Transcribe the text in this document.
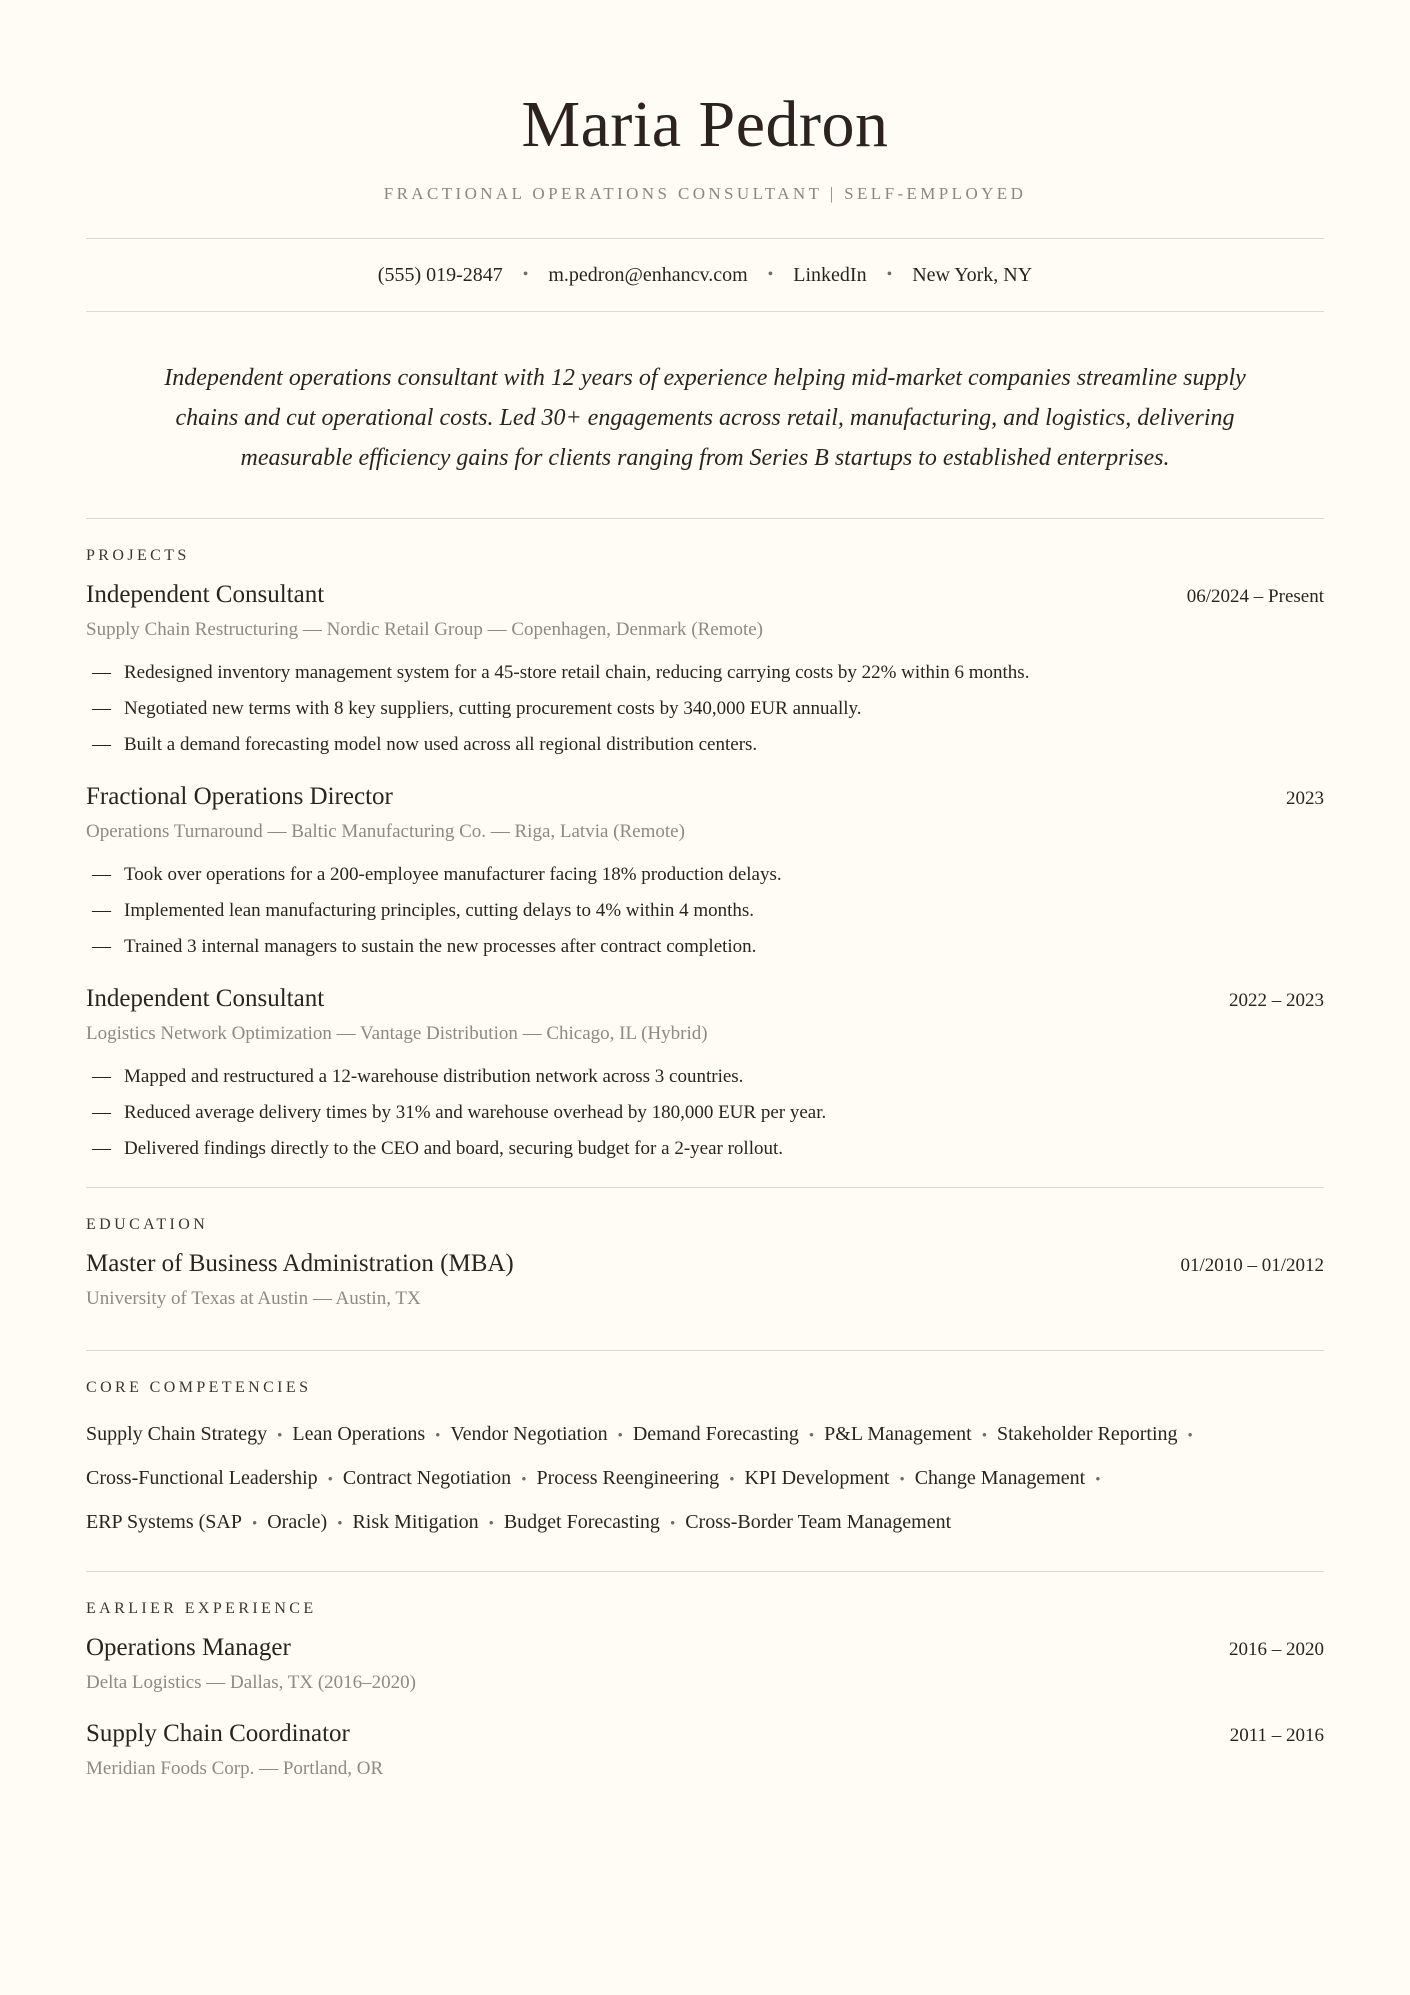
Maria Pedron
FRACTIONAL OPERATIONS CONSULTANT | SELF-EMPLOYED
(555) 019-2847 • m.pedron@enhancv.com • LinkedIn • New York, NY
Independent operations consultant with 12 years of experience helping mid-market companies streamline supply chains and cut operational costs. Led 30+ engagements across retail, manufacturing, and logistics, delivering measurable efficiency gains for clients ranging from Series B startups to established enterprises.
PROJECTS
Independent Consultant	06/2024 – Present
Supply Chain Restructuring — Nordic Retail Group — Copenhagen, Denmark (Remote)
— Redesigned inventory management system for a 45-store retail chain, reducing carrying costs by 22% within 6 months.
— Negotiated new terms with 8 key suppliers, cutting procurement costs by 340,000 EUR annually.
— Built a demand forecasting model now used across all regional distribution centers.
Fractional Operations Director	2023
Operations Turnaround — Baltic Manufacturing Co. — Riga, Latvia (Remote)
— Took over operations for a 200-employee manufacturer facing 18% production delays.
— Implemented lean manufacturing principles, cutting delays to 4% within 4 months.
— Trained 3 internal managers to sustain the new processes after contract completion.
Independent Consultant	2022 – 2023
Logistics Network Optimization — Vantage Distribution — Chicago, IL (Hybrid)
— Mapped and restructured a 12-warehouse distribution network across 3 countries.
— Reduced average delivery times by 31% and warehouse overhead by 180,000 EUR per year.
— Delivered findings directly to the CEO and board, securing budget for a 2-year rollout.
EDUCATION
Master of Business Administration (MBA)	01/2010 – 01/2012
University of Texas at Austin — Austin, TX
CORE COMPETENCIES
Supply Chain Strategy • Lean Operations • Vendor Negotiation • Demand Forecasting • P&L Management • Stakeholder Reporting •
Cross-Functional Leadership • Contract Negotiation • Process Reengineering • KPI Development • Change Management •
ERP Systems (SAP • Oracle) • Risk Mitigation • Budget Forecasting • Cross-Border Team Management
EARLIER EXPERIENCE
Operations Manager	2016 – 2020
Delta Logistics — Dallas, TX (2016–2020)
Supply Chain Coordinator	2011 – 2016
Meridian Foods Corp. — Portland, OR
